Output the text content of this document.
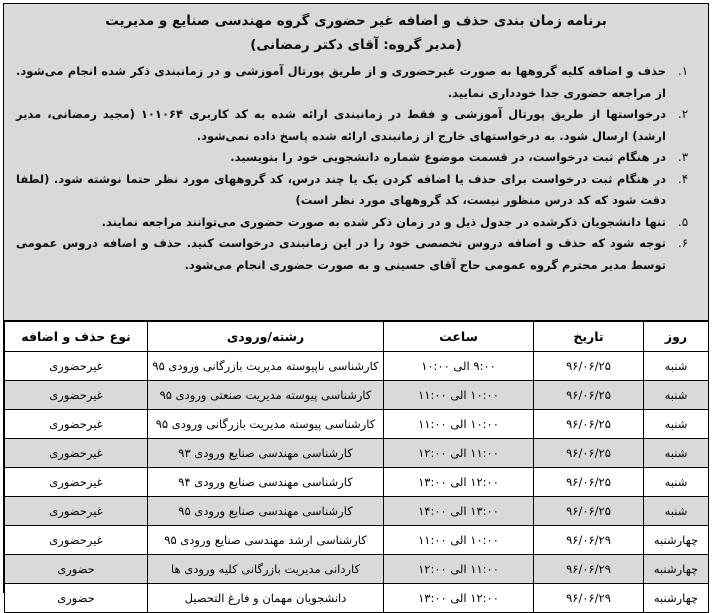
برنامه زمان بندی حذف و اضافه غیر حضوری گروه مهندسی صنایع و مدیریت
(مدیر گروه: آقای دکتر رمضانی)
۱.
حذف و اضافه کلیه گروهها به صورت غیرحضوری و از طریق پورتال آموزشی و در زمانبندی ذکر شده انجام می‌شود. از مراجعه حضوری جدا خودداری نمایید.
۲.
درخواستها از طریق پورتال آموزشی و فقط در زمانبندی ارائه شده به کد کاربری ۱۰۱۰۶۴ (مجید رمضانی، مدیر ارشد) ارسال شود. به درخواستهای خارج از زمانبندی ارائه شده پاسخ داده نمی‌شود.
۳.
در هنگام ثبت درخواست، در قسمت موضوع شماره دانشجویی خود را بنویسید.
۴.
در هنگام ثبت درخواست برای حذف یا اضافه کردن یک یا چند درس، کد گروههای مورد نظر حتما نوشته شود. (لطفا دقت شود که کد درس منظور نیست، کد گروههای مورد نظر است)
۵.
تنها دانشجویان ذکرشده در جدول ذیل و در زمان ذکر شده به صورت حضوری می‌توانند مراجعه نمایند.
۶.
توجه شود که حذف و اضافه دروس تخصصی خود را در این زمانبندی درخواست کنید. حذف و اضافه دروس عمومی توسط مدیر محترم گروه عمومی حاج آقای حسینی و به صورت حضوری انجام می‌شود.
روز	تاریخ	ساعت	رشته/ورودی	نوع حذف و اضافه
شنبه	۹۶/۰۶/۲۵	۹:۰۰ الی ۱۰:۰۰	کارشناسی ناپیوسته مدیریت بازرگانی ورودی ۹۵	غیرحضوری
شنبه	۹۶/۰۶/۲۵	۱۰:۰۰ الی ۱۱:۰۰	کارشناسی پیوسته مدیریت صنعتی ورودی ۹۵	غیرحضوری
شنبه	۹۶/۰۶/۲۵	۱۰:۰۰ الی ۱۱:۰۰	کارشناسی پیوسته مدیریت بازرگانی ورودی ۹۵	غیرحضوری
شنبه	۹۶/۰۶/۲۵	۱۱:۰۰ الی ۱۲:۰۰	کارشناسی مهندسی صنایع ورودی ۹۳	غیرحضوری
شنبه	۹۶/۰۶/۲۵	۱۲:۰۰ الی ۱۳:۰۰	کارشناسی مهندسی صنایع ورودی ۹۴	غیرحضوری
شنبه	۹۶/۰۶/۲۵	۱۳:۰۰ الی ۱۴:۰۰	کارشناسی مهندسی صنایع ورودی ۹۵	غیرحضوری
چهارشنبه	۹۶/۰۶/۲۹	۱۰:۰۰ الی ۱۱:۰۰	کارشناسی ارشد مهندسی صنایع ورودی ۹۵	غیرحضوری
چهارشنبه	۹۶/۰۶/۲۹	۱۱:۰۰ الی ۱۲:۰۰	کاردانی مدیریت بازرگانی کلیه ورودی ها	حضوری
چهارشنبه	۹۶/۰۶/۲۹	۱۲:۰۰ الی ۱۳:۰۰	دانشجویان مهمان و فارغ التحصیل	حضوری
